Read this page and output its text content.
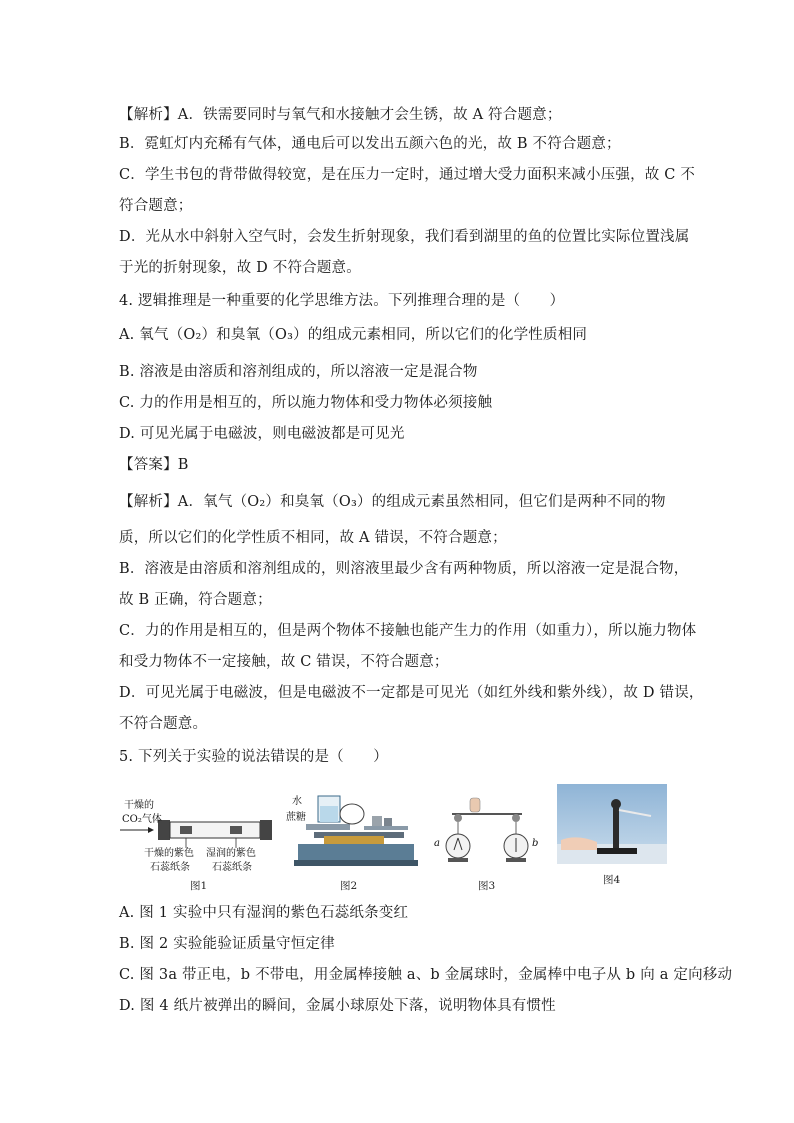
【解析】A．铁需要同时与氧气和水接触才会生锈，故 A 符合题意；
B．霓虹灯内充稀有气体，通电后可以发出五颜六色的光，故 B 不符合题意；
C．学生书包的背带做得较宽，是在压力一定时，通过增大受力面积来减小压强，故 C 不
符合题意；
D．光从水中斜射入空气时，会发生折射现象，我们看到湖里的鱼的位置比实际位置浅属
于光的折射现象，故 D 不符合题意。
4. 逻辑推理是一种重要的化学思维方法。下列推理合理的是（　　）
A. 氧气（O₂）和臭氧（O₃）的组成元素相同，所以它们的化学性质相同
B. 溶液是由溶质和溶剂组成的，所以溶液一定是混合物
C. 力的作用是相互的，所以施力物体和受力物体必须接触
D. 可见光属于电磁波，则电磁波都是可见光
【答案】B
【解析】A．氧气（O₂）和臭氧（O₃）的组成元素虽然相同，但它们是两种不同的物
质，所以它们的化学性质不相同，故 A 错误，不符合题意；
B．溶液是由溶质和溶剂组成的，则溶液里最少含有两种物质，所以溶液一定是混合物，
故 B 正确，符合题意；
C．力的作用是相互的，但是两个物体不接触也能产生力的作用（如重力），所以施力物体
和受力物体不一定接触，故 C 错误，不符合题意；
D．可见光属于电磁波，但是电磁波不一定都是可见光（如红外线和紫外线），故 D 错误，
不符合题意。
5. 下列关于实验的说法错误的是（　　）
干燥的
CO₂气体
干燥的紫色
石蕊纸条
湿润的紫色
石蕊纸条
图1
水
蔗糖
图2
a	b
图3	图4
A. 图 1 实验中只有湿润的紫色石蕊纸条变红
B. 图 2 实验能验证质量守恒定律
C. 图 3a 带正电，b 不带电，用金属棒接触 a、b 金属球时，金属棒中电子从 b 向 a 定向移动
D. 图 4 纸片被弹出的瞬间，金属小球原处下落，说明物体具有惯性
